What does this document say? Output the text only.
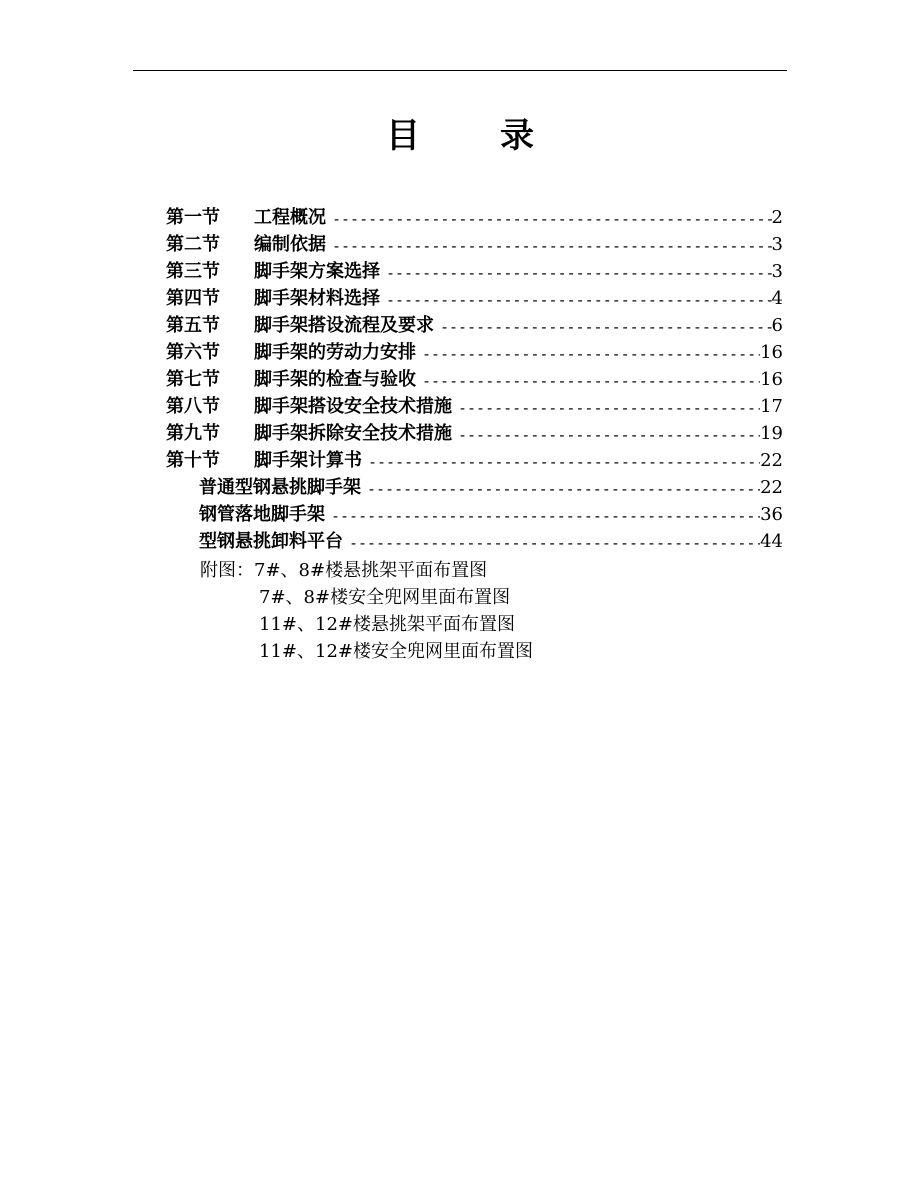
目 录
第一节	工程概况 -----	2
第二节	编制依据 -----	3
第三节	脚手架方案选择 -----	3
第四节	脚手架材料选择 -----	4
第五节	脚手架搭设流程及要求 -----	6
第六节	脚手架的劳动力安排 -----	16
第七节	脚手架的检查与验收 -----	16
第八节	脚手架搭设安全技术措施 -----	17
第九节	脚手架拆除安全技术措施 -----	19
第十节	脚手架计算书 -----	22
普通型钢悬挑脚手架 -----	22
钢管落地脚手架 -----	36
型钢悬挑卸料平台 -----	44
附图：7#、8#楼悬挑架平面布置图
7#、8#楼安全兜网里面布置图
11#、12#楼悬挑架平面布置图
11#、12#楼安全兜网里面布置图
